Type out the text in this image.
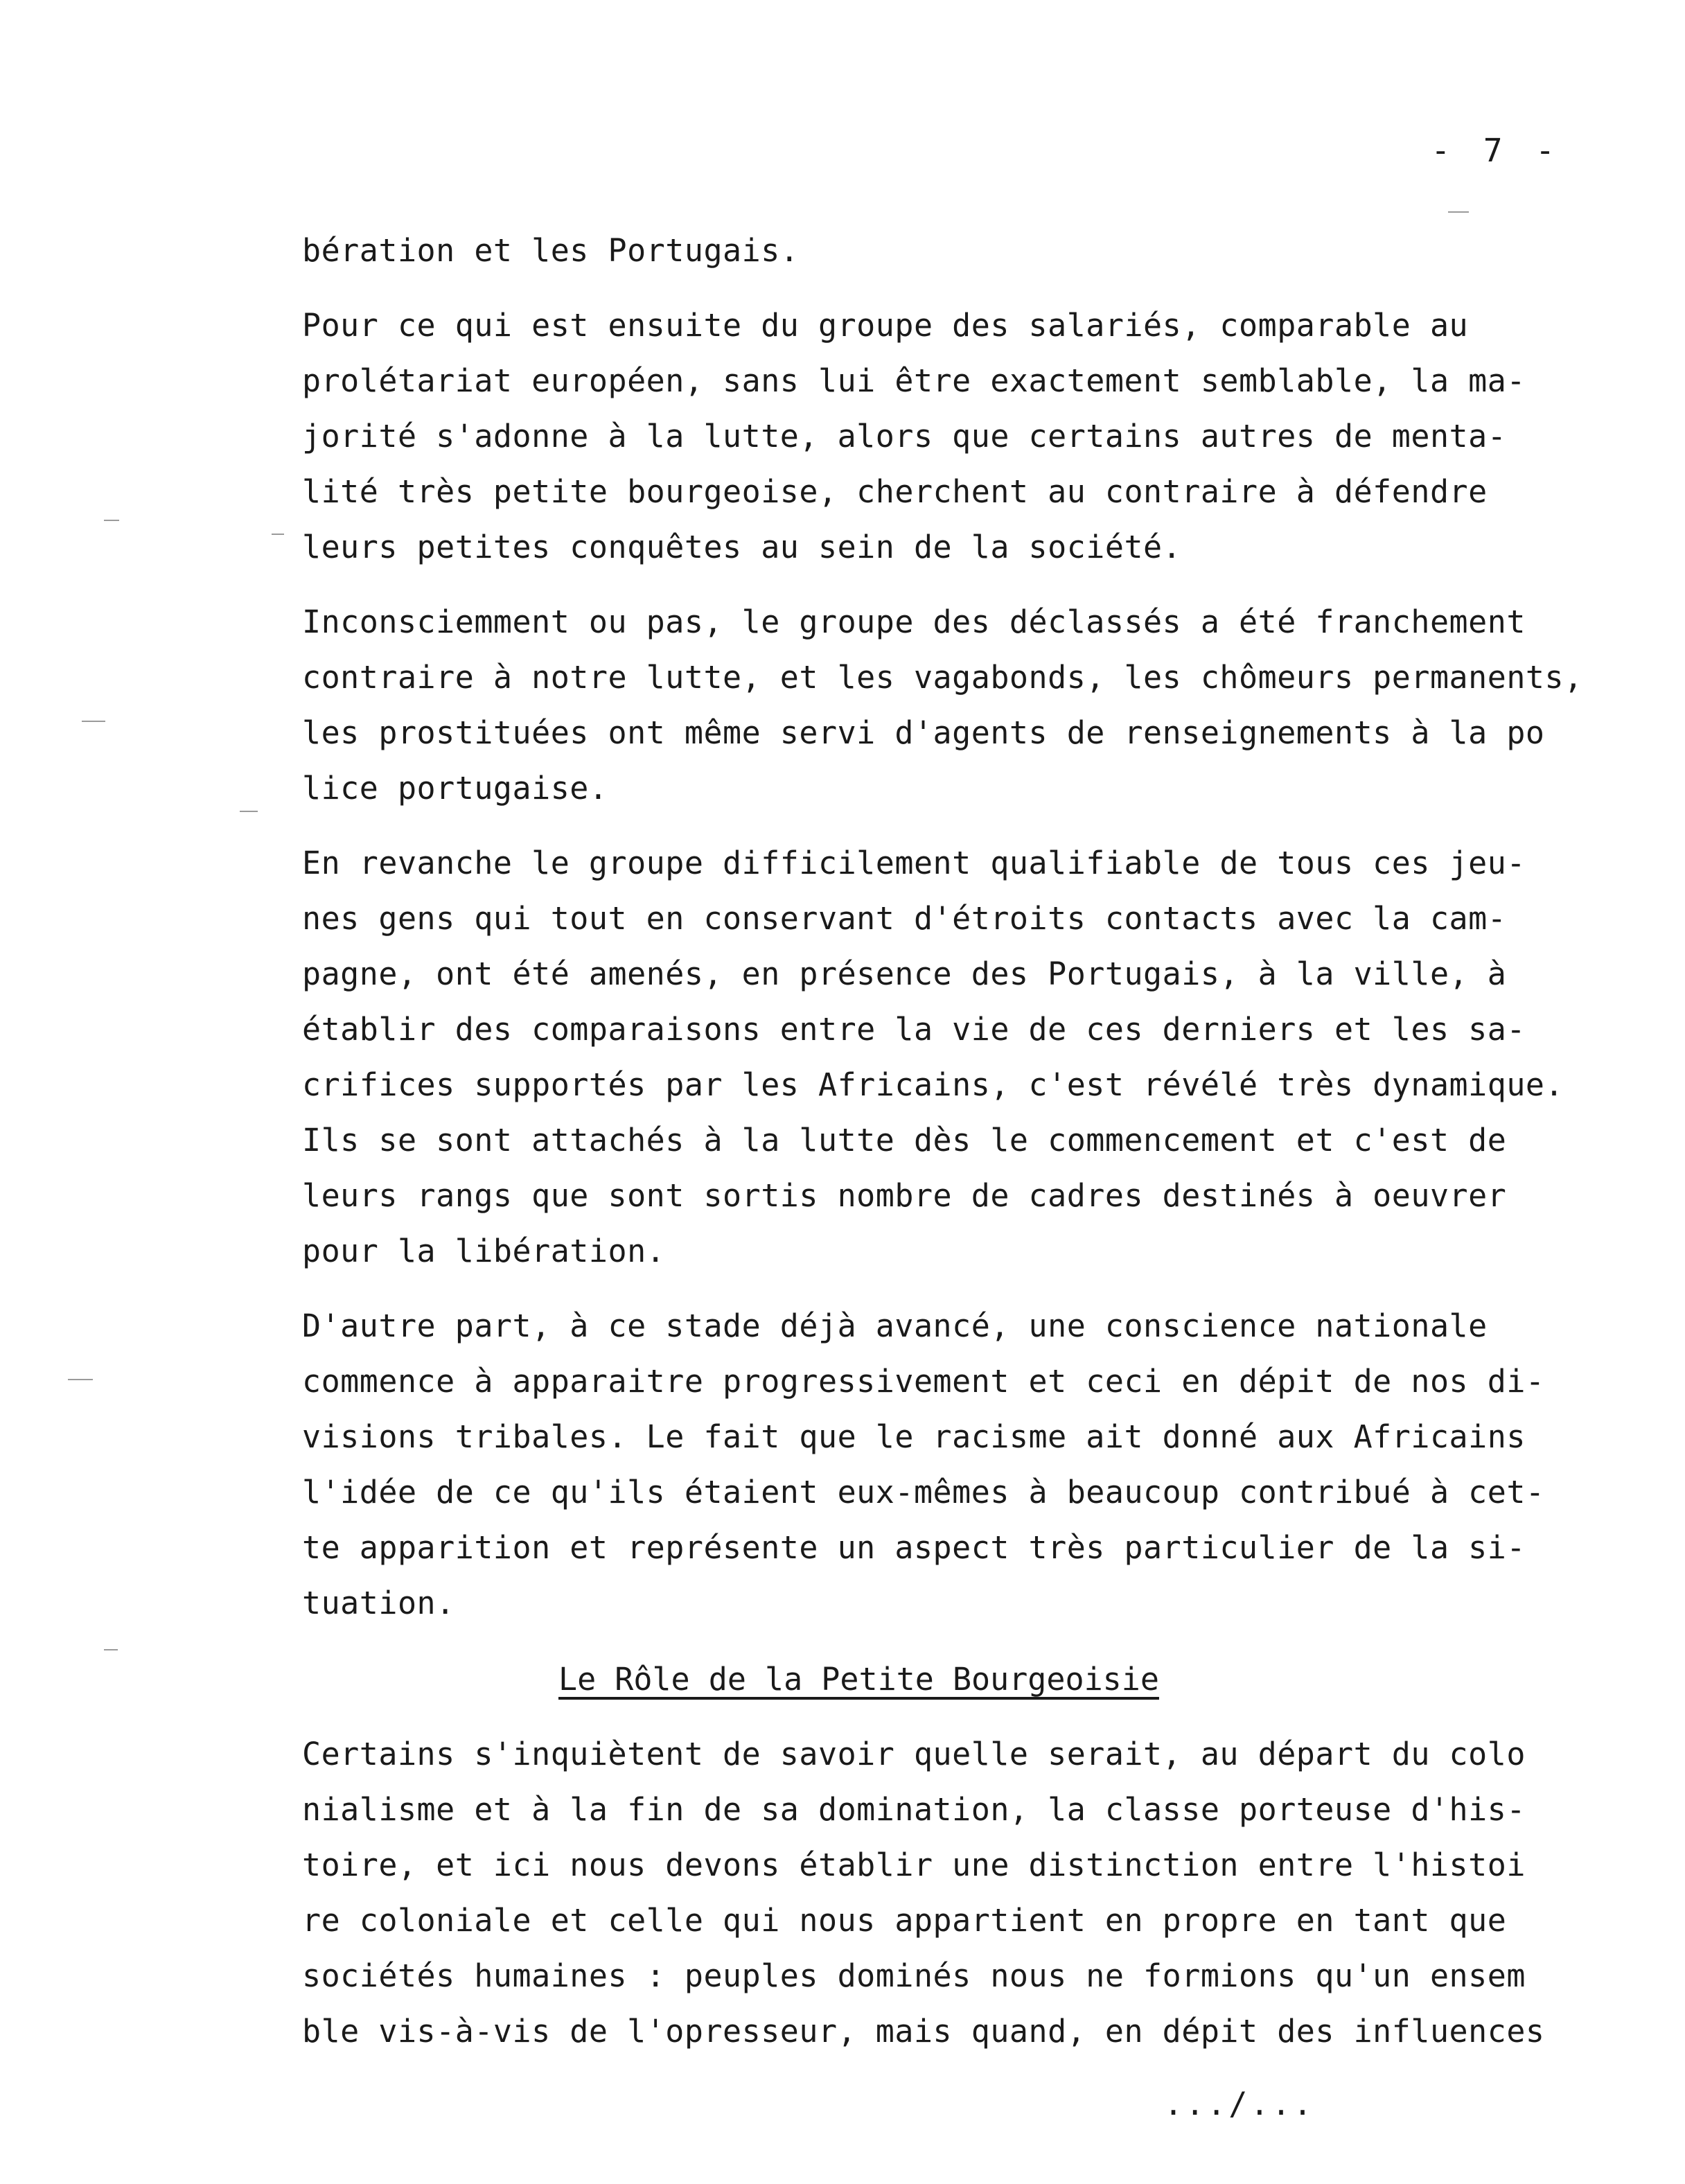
- 7 -
bération et les Portugais.
Pour ce qui est ensuite du groupe des salariés, comparable au
prolétariat européen, sans lui être exactement semblable, la ma-
jorité s'adonne à la lutte, alors que certains autres de menta-
lité très petite bourgeoise, cherchent au contraire à défendre
leurs petites conquêtes au sein de la société.
Inconsciemment ou pas, le groupe des déclassés a été franchement
contraire à notre lutte, et les vagabonds, les chômeurs permanents,
les prostituées ont même servi d'agents de renseignements à la po
lice portugaise.
En revanche le groupe difficilement qualifiable de tous ces jeu-
nes gens qui tout en conservant d'étroits contacts avec la cam-
pagne, ont été amenés, en présence des Portugais, à la ville, à
établir des comparaisons entre la vie de ces derniers et les sa-
crifices supportés par les Africains, c'est révélé très dynamique.
Ils se sont attachés à la lutte dès le commencement et c'est de
leurs rangs que sont sortis nombre de cadres destinés à oeuvrer
pour la libération.
D'autre part, à ce stade déjà avancé, une conscience nationale
commence à apparaitre progressivement et ceci en dépit de nos di-
visions tribales. Le fait que le racisme ait donné aux Africains
l'idée de ce qu'ils étaient eux-mêmes à beaucoup contribué à cet-
te apparition et représente un aspect très particulier de la si-
tuation.
Le Rôle de la Petite Bourgeoisie
Certains s'inquiètent de savoir quelle serait, au départ du colo
nialisme et à la fin de sa domination, la classe porteuse d'his-
toire, et ici nous devons établir une distinction entre l'histoi
re coloniale et celle qui nous appartient en propre en tant que
sociétés humaines : peuples dominés nous ne formions qu'un ensem
ble vis-à-vis de l'opresseur, mais quand, en dépit des influences
.../...
